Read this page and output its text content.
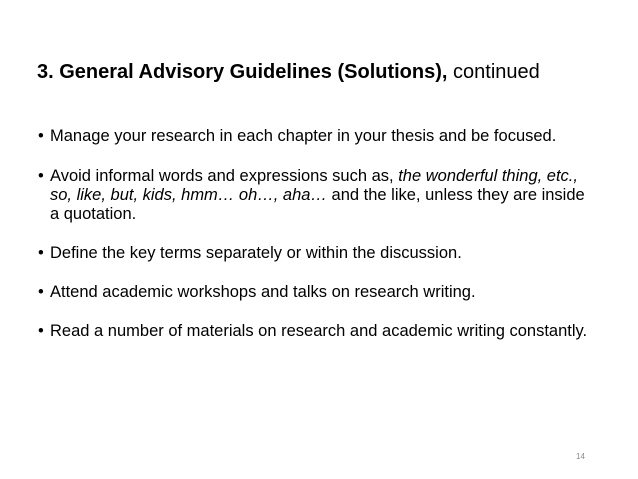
3. General Advisory Guidelines (Solutions), continued
• Manage your research in each chapter in your thesis and be focused.
• Avoid informal words and expressions such as, the wonderful thing, etc., so, like, but, kids, hmm… oh…, aha… and the like, unless they are inside a quotation.
• Define the key terms separately or within the discussion.
• Attend academic workshops and talks on research writing.
• Read a number of materials on research and academic writing constantly.
14
